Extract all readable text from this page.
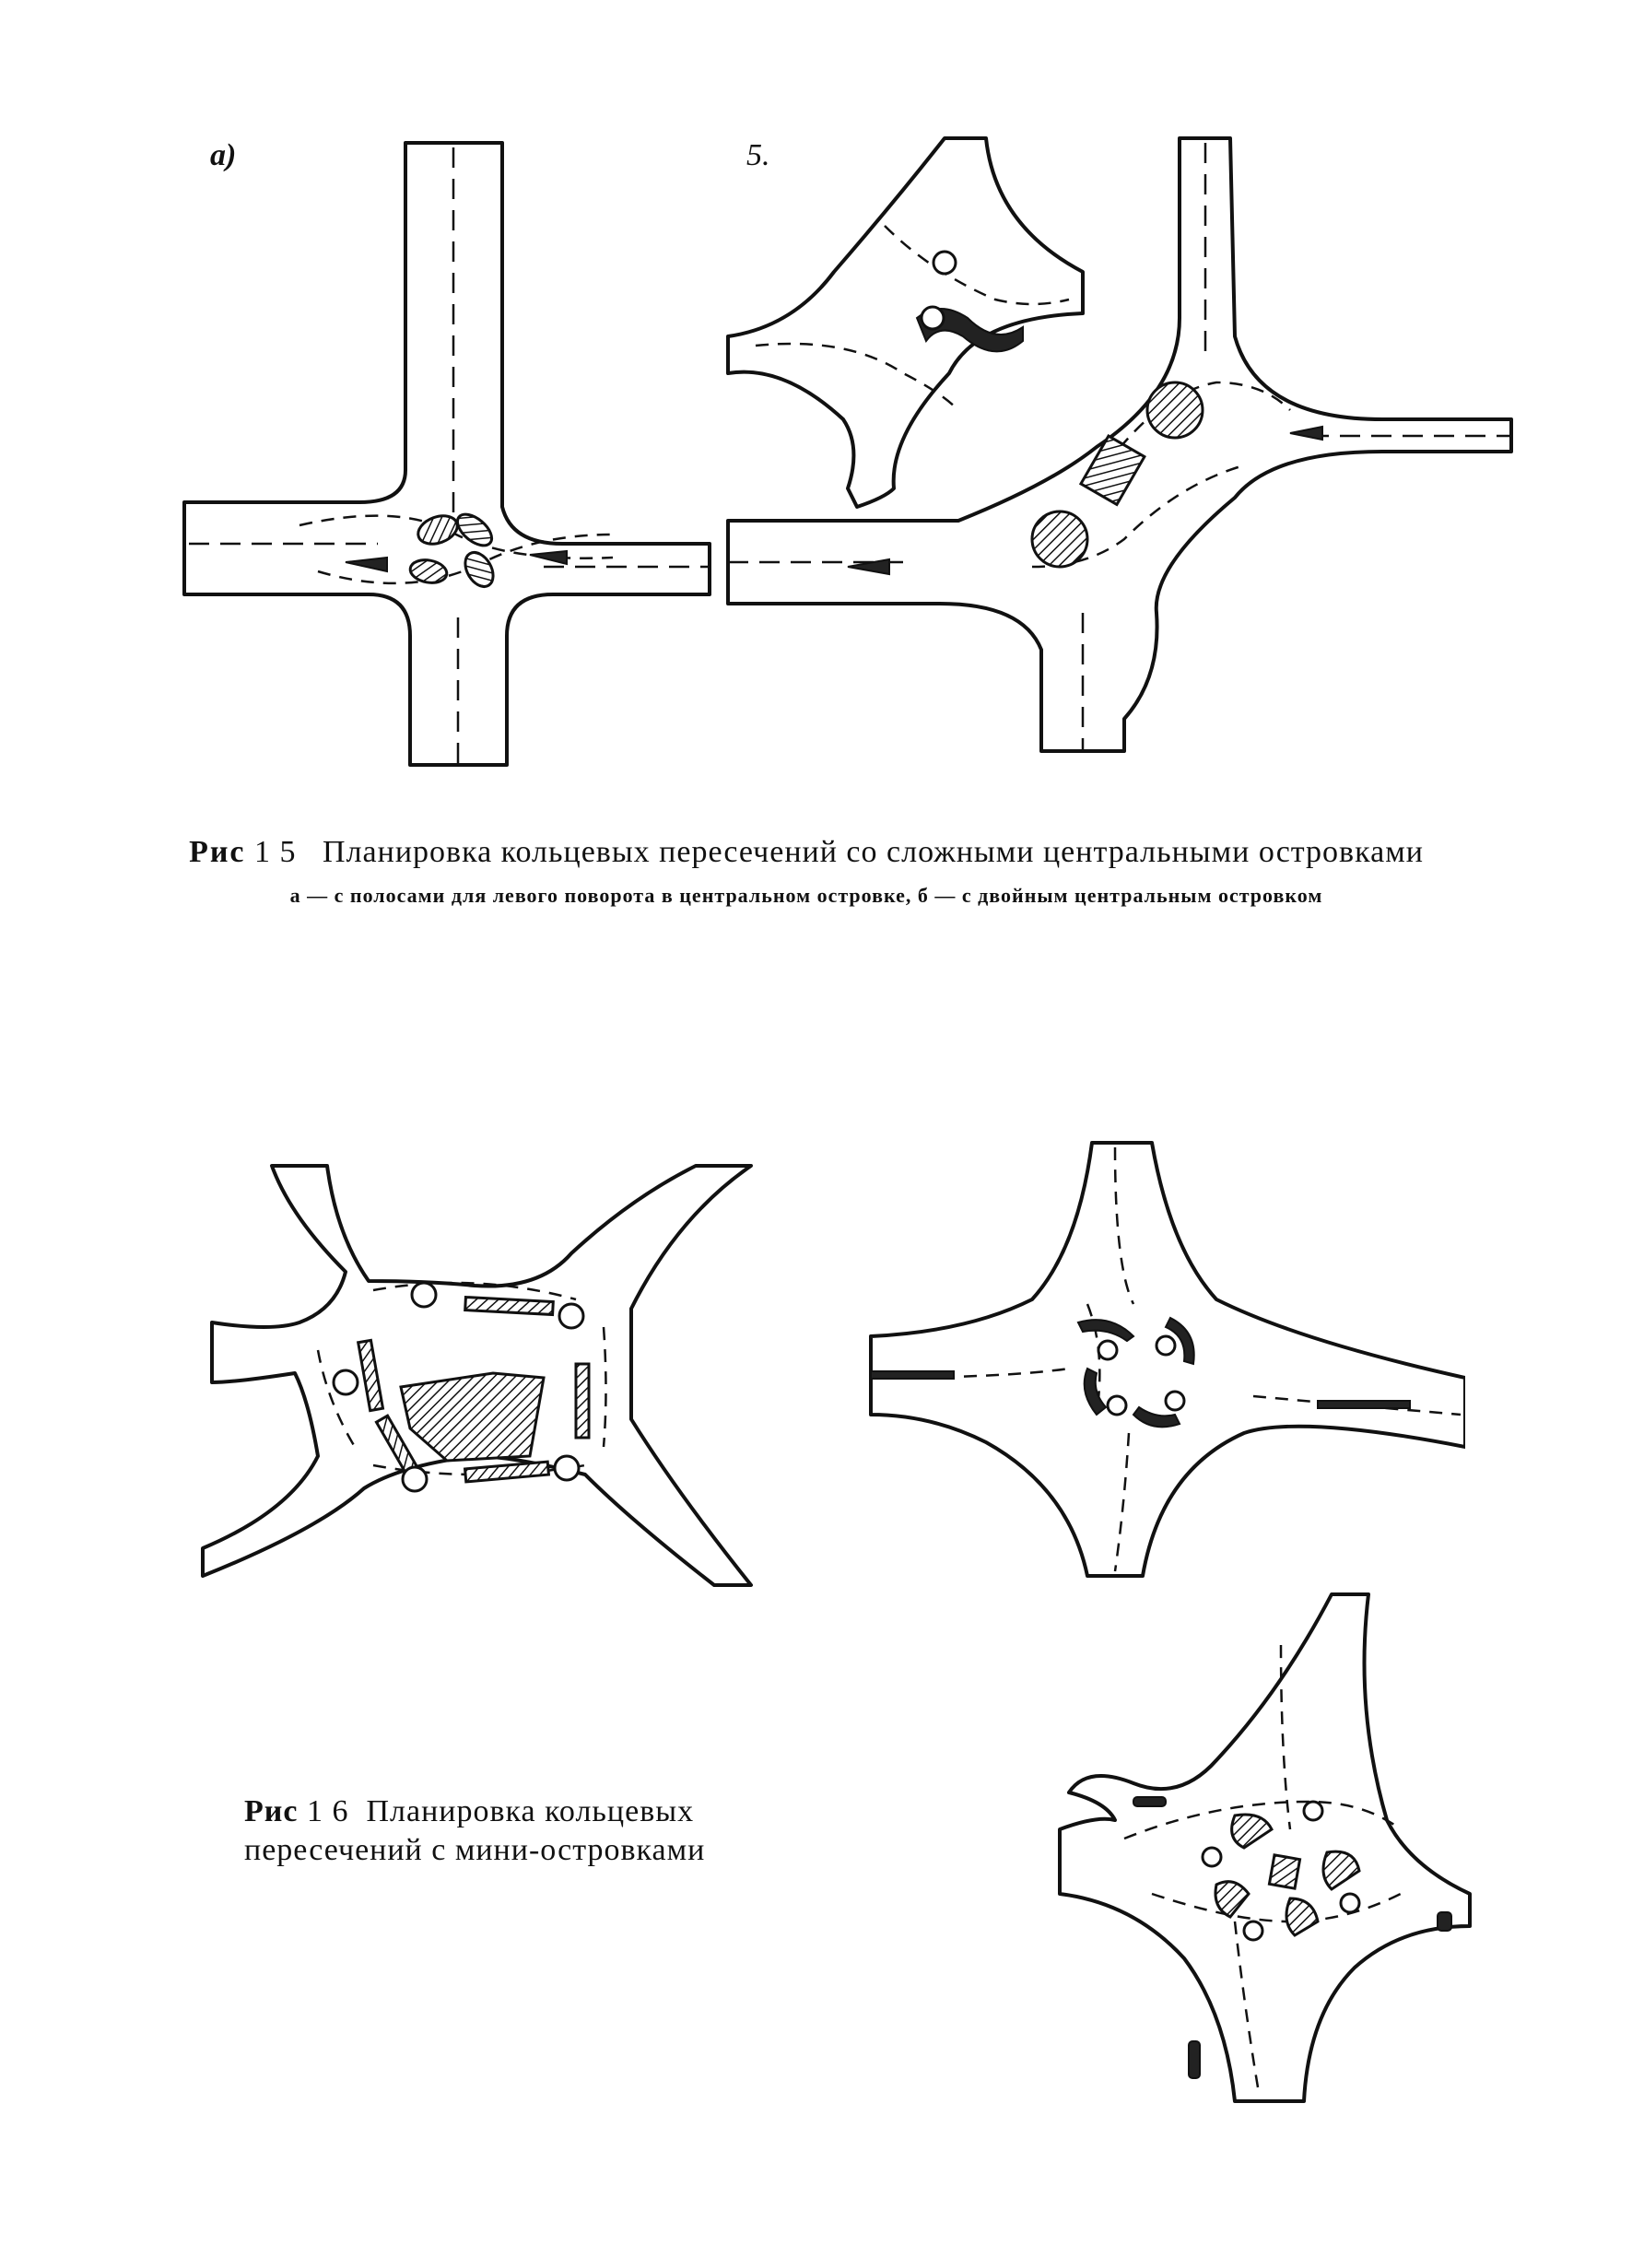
a)	5.
Рис 1 5 Планировка кольцевых пересечений со сложными центральными островками
а — с полосами для левого поворота в центральном островке, б — с двойным центральным островком
Рис 1 6 Планировка кольцевых пересечений с мини-островками
